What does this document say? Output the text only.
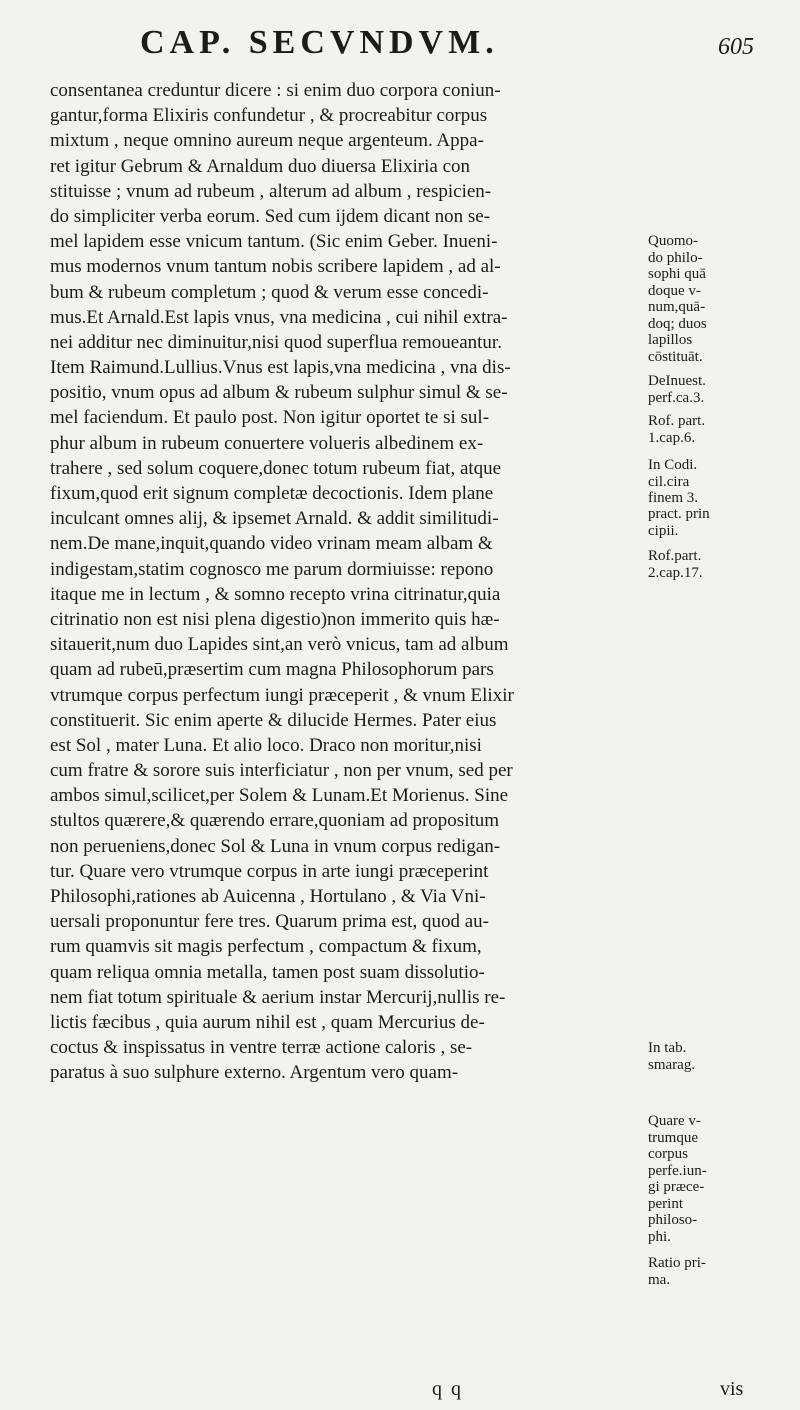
CAP. SECVNDVM.	605
consentanea creduntur dicere : si enim duo corpora coniun-
gantur,forma Elixiris confundetur , & procreabitur corpus
mixtum , neque omnino aureum neque argenteum. Appa-
ret igitur Gebrum & Arnaldum duo diuersa Elixiria con
stituisse ; vnum ad rubeum , alterum ad album , respicien-
do simpliciter verba eorum. Sed cum ijdem dicant non se-
mel lapidem esse vnicum tantum. (Sic enim Geber. Inueni-
mus modernos vnum tantum nobis scribere lapidem , ad al-
bum & rubeum completum ; quod & verum esse concedi-
mus.Et Arnald.Est lapis vnus, vna medicina , cui nihil extra-
nei additur nec diminuitur,nisi quod superflua remoueantur.
Item Raimund.Lullius.Vnus est lapis,vna medicina , vna dis-
positio, vnum opus ad album & rubeum sulphur simul & se-
mel faciendum. Et paulo post. Non igitur oportet te si sul-
phur album in rubeum conuertere volueris albedinem ex-
trahere , sed solum coquere,donec totum rubeum fiat, atque
fixum,quod erit signum completæ decoctionis. Idem plane
inculcant omnes alij, & ipsemet Arnald. & addit similitudi-
nem.De mane,inquit,quando video vrinam meam albam &
indigestam,statim cognosco me parum dormiuisse: repono
itaque me in lectum , & somno recepto vrina citrinatur,quia
citrinatio non est nisi plena digestio)non immerito quis hæ-
sitauerit,num duo Lapides sint,an verò vnicus, tam ad album
quam ad rubeū,præsertim cum magna Philosophorum pars
vtrumque corpus perfectum iungi præceperit , & vnum Elixir
constituerit. Sic enim aperte & dilucide Hermes. Pater eius
est Sol , mater Luna. Et alio loco. Draco non moritur,nisi
cum fratre & sorore suis interficiatur , non per vnum, sed per
ambos simul,scilicet,per Solem & Lunam.Et Morienus. Sine
stultos quærere,& quærendo errare,quoniam ad propositum
non perueniens,donec Sol & Luna in vnum corpus redigan-
tur. Quare vero vtrumque corpus in arte iungi præceperint
Philosophi,rationes ab Auicenna , Hortulano , & Via Vni-
uersali proponuntur fere tres. Quarum prima est, quod au-
rum quamvis sit magis perfectum , compactum & fixum,
quam reliqua omnia metalla, tamen post suam dissolutio-
nem fiat totum spirituale & aerium instar Mercurij,nullis re-
lictis fæcibus , quia aurum nihil est , quam Mercurius de-
coctus & inspissatus in ventre terræ actione caloris , se-
paratus à suo sulphure externo. Argentum vero quam-
Quomo-
do philo-
sophi quā
doque v-
num,quā-
doq; duos
lapillos
cōstituāt.
DeInuest.
perf.ca.3.
Rof. part.
1.cap.6.
In Codi.
cil.cira
finem 3.
pract. prin
cipii.
Rof.part.
2.cap.17.
In tab.
smarag.
Quare v-
trumque
corpus
perfe.iun-
gi præce-
perint
philoso-
phi.
Ratio pri-
ma.
q q	vis
